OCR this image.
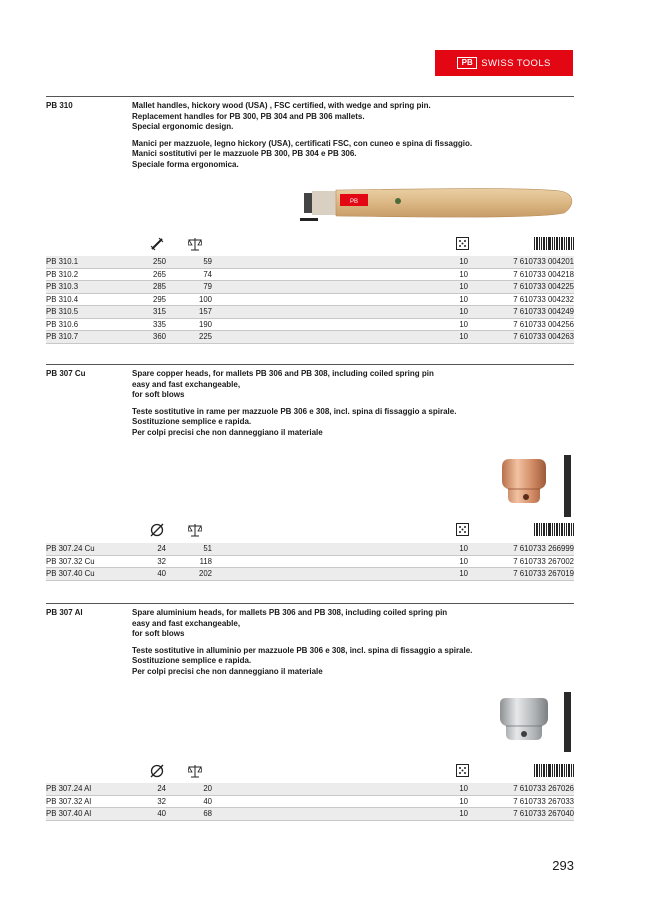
PB SWISS TOOLS
PB 310	Mallet handles, hickory wood (USA) , FSC certified, with wedge and spring pin.
Replacement handles for PB 300, PB 304 and PB 306 mallets.
Special ergonomic design.
Manici per mazzuole, legno hickory (USA), certificati FSC, con cuneo e spina di fissaggio.
Manici sostitutivi per le mazzuole PB 300, PB 304 e PB 306.
Speciale forma ergonomica.
PB
PB 310.1	250	59	10	7 610733 004201
PB 310.2	265	74	10	7 610733 004218
PB 310.3	285	79	10	7 610733 004225
PB 310.4	295	100	10	7 610733 004232
PB 310.5	315	157	10	7 610733 004249
PB 310.6	335	190	10	7 610733 004256
PB 310.7	360	225	10	7 610733 004263
PB 307 Cu	Spare copper heads, for mallets PB 306 and PB 308, including coiled spring pin
easy and fast exchangeable,
for soft blows
Teste sostitutive in rame per mazzuole PB 306 e 308, incl. spina di fissaggio a spirale.
Sostituzione semplice e rapida.
Per colpi precisi che non danneggiano il materiale
PB 307.24 Cu	24	51	10	7 610733 266999
PB 307.32 Cu	32	118	10	7 610733 267002
PB 307.40 Cu	40	202	10	7 610733 267019
PB 307 Al	Spare aluminium heads, for mallets PB 306 and PB 308, including coiled spring pin
easy and fast exchangeable,
for soft blows
Teste sostitutive in alluminio per mazzuole PB 306 e 308, incl. spina di fissaggio a spirale.
Sostituzione semplice e rapida.
Per colpi precisi che non danneggiano il materiale
PB 307.24 Al	24	20	10	7 610733 267026
PB 307.32 Al	32	40	10	7 610733 267033
PB 307.40 Al	40	68	10	7 610733 267040
293
